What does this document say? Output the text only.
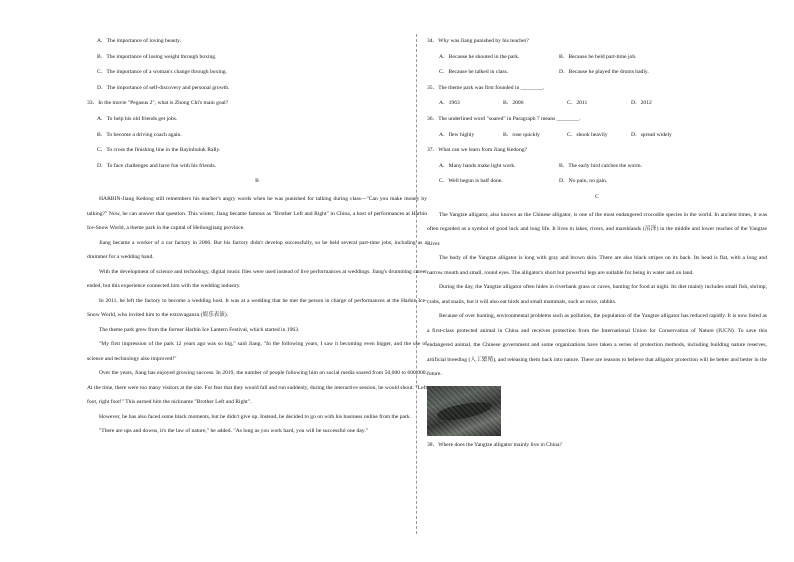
A．The importance of loving beauty.
B．The importance of losing weight through boxing.
C．The importance of a woman's change through boxing.
D．The importance of self-discovery and personal growth.
33．In the movie "Pegasus 2", what is Zhong Chi's main goal?
A．To help his old friends get jobs.
B．To become a driving coach again.
C．To cross the finishing line in the Bayinbuluk Rally.
D．To face challenges and have fun with his friends.
B

HARBIN-Jiang Kedong still remembers his teacher's angry words when he was punished for talking during class—"Can you make money by talking?" Now, he can answer that question. This winter, Jiang became famous as "Brother Left and Right" in China, a host of performances at Harbin Ice-Snow World, a theme park in the capital of Heilongjiang province.

Jiang became a worker of a car factory in 2006. But his factory didn't develop successfully, so he held several part-time jobs, including as a drummer for a wedding band.

With the development of science and technology, digital music files were used instead of live performances at weddings. Jiang's drumming career ended, but this experience connected him with the wedding industry.

In 2011, he left the factory to become a wedding host. It was at a wedding that he met the person in charge of performances at the Harbin Ice-Snow World, who invited him to the extravaganza (娱乐表演).

The theme park grew from the former Harbin Ice Lantern Festival, which started in 1963.

"My first impression of the park 12 years ago was so big," said Jiang. "In the following years, I saw it becoming even bigger, and the use of science and technology also improved!"

Over the years, Jiang has enjoyed growing success. In 2019, the number of people following him on social media soared from 50,000 to 600,000. At the time, there were too many visitors at the site. For fear that they would fall and run suddenly, during the interactive session, he would shout: "Left foot, right foot!" This earned him the nickname "Brother Left and Right".

However, he has also faced some black moments, but he didn't give up. Instead, he decided to go on with his business online from the park.

"There are ups and downs, it's the law of nature," he added. "As long as you work hard, you will be successful one day."

34．Why was Jiang punished by his teacher?
A．Because he shouted in the park.	B．Because he held part-time job.
C．Because he talked in class.	D．Because he played the drums badly.
35．The theme park was first founded in ________.
A．1963	B．2006	C．2011	D．2012
36．The underlined word "soared" in Paragraph 7 means ________.
A．flew highly	B．rose quickly	C．shook heavily	D．spread widely
37．What can we learn from Jiang Kedong?
A．Many hands make light work.	B．The early bird catches the worm.
C．Well begun is half done.	D．No pain, no gain.
C

The Yangtze alligator, also known as the Chinese alligator, is one of the most endangered crocodile species in the world. In ancient times, it was often regarded as a symbol of good luck and long life. It lives in lakes, rivers, and marshlands (沼泽) in the middle and lower reaches of the Yangtze River.

The body of the Yangtze alligator is long with gray and brown skin. There are also black stripes on its back. Its head is flat, with a long and narrow mouth and small, round eyes. The alligator's short but powerful legs are suitable for being in water and on land.

During the day, the Yangtze alligator often hides in riverbank grass or caves, hunting for food at night. Its diet mainly includes small fish, shrimp, crabs, and snails, but it will also eat birds and small mammals, such as mice, rabbits.

Because of over hunting, environmental problems such as pollution, the population of the Yangtze alligator has reduced rapidly. It is now listed as a first-class protected animal in China and receives protection from the International Union for Conservation of Nature (IUCN). To save this endangered animal, the Chinese government and some organizations have taken a series of protection methods, including building nature reserves, artificial breeding (人工繁殖), and releasing them back into nature. There are reasons to believe that alligator protection will be better and better in the future.

38．Where does the Yangtze alligator mainly live in China?
